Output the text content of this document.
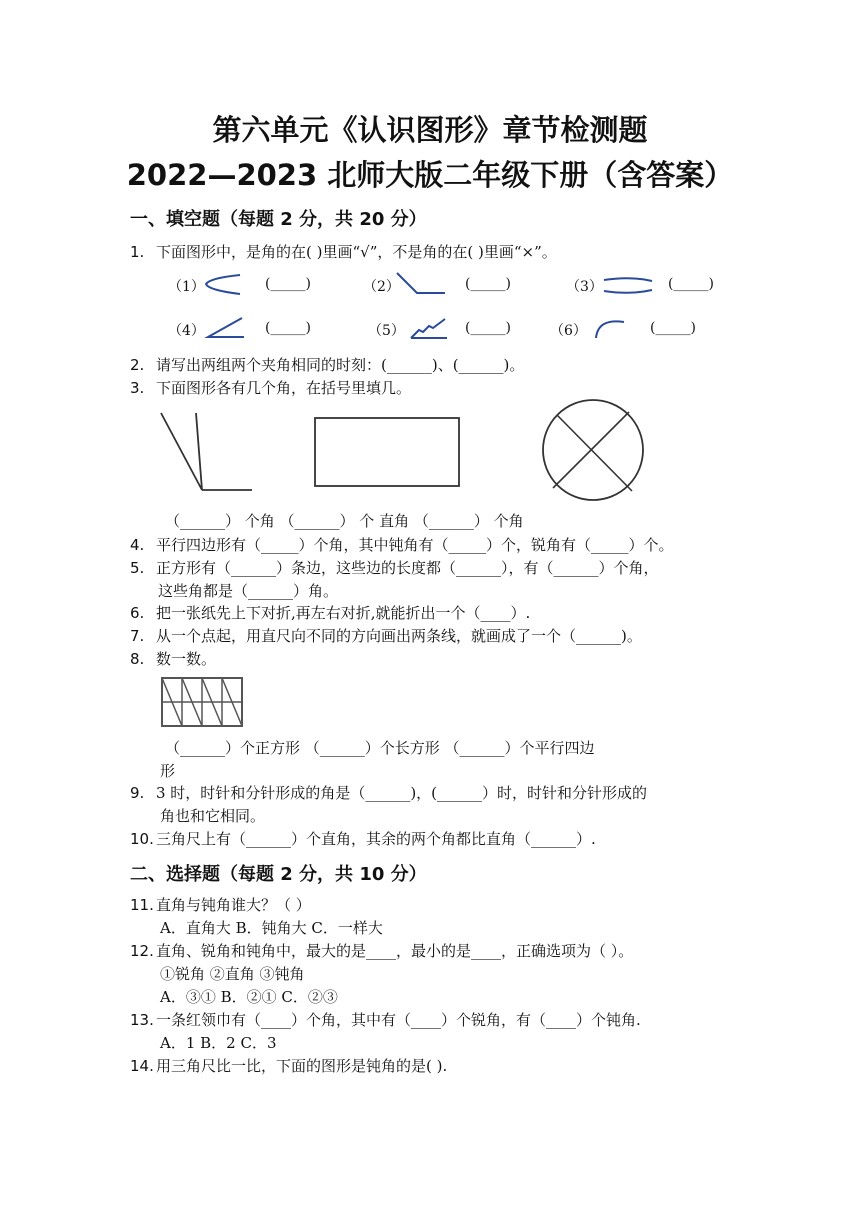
第六单元《认识图形》章节检测题
2022—2023 北师大版二年级下册（含答案）
一、填空题（每题 2 分，共 20 分）
1. 下面图形中，是角的在( )里画“√”，不是角的在( )里画“×”。
（1）	(_____)	（2）	(_____)	（3）	(_____)
（4）	(_____)	（5）	(_____)	（6）	(_____)
2. 请写出两组两个夹角相同的时刻：(______)、(______)。
3. 下面图形各有几个角，在括号里填几。
（______） 个角 （______） 个 直角 （______） 个角
4. 平行四边形有（_____）个角，其中钝角有（_____）个，锐角有（_____）个。
5. 正方形有（______）条边，这些边的长度都（______），有（______）个角，
这些角都是（______）角。
6. 把一张纸先上下对折,再左右对折,就能折出一个（____）.
7. 从一个点起，用直尺向不同的方向画出两条线，就画成了一个（______)。
8. 数一数。
（______）个正方形 （______）个长方形 （______）个平行四边
形
9. 3 时，时针和分针形成的角是（______)，(______）时，时针和分针形成的
角也和它相同。
10. 三角尺上有（______）个直角，其余的两个角都比直角（______）.
二、选择题（每题 2 分，共 10 分）
11. 直角与钝角谁大？（ ）
A．直角大 B．钝角大 C．一样大
12. 直角、锐角和钝角中，最大的是____，最小的是____，正确选项为（ ）。
①锐角 ②直角 ③钝角
A．③① B．②① C．②③
13. 一条红领巾有（____）个角，其中有（____）个锐角，有（____）个钝角.
A．1 B．2 C．3
14. 用三角尺比一比，下面的图形是钝角的是( ).
